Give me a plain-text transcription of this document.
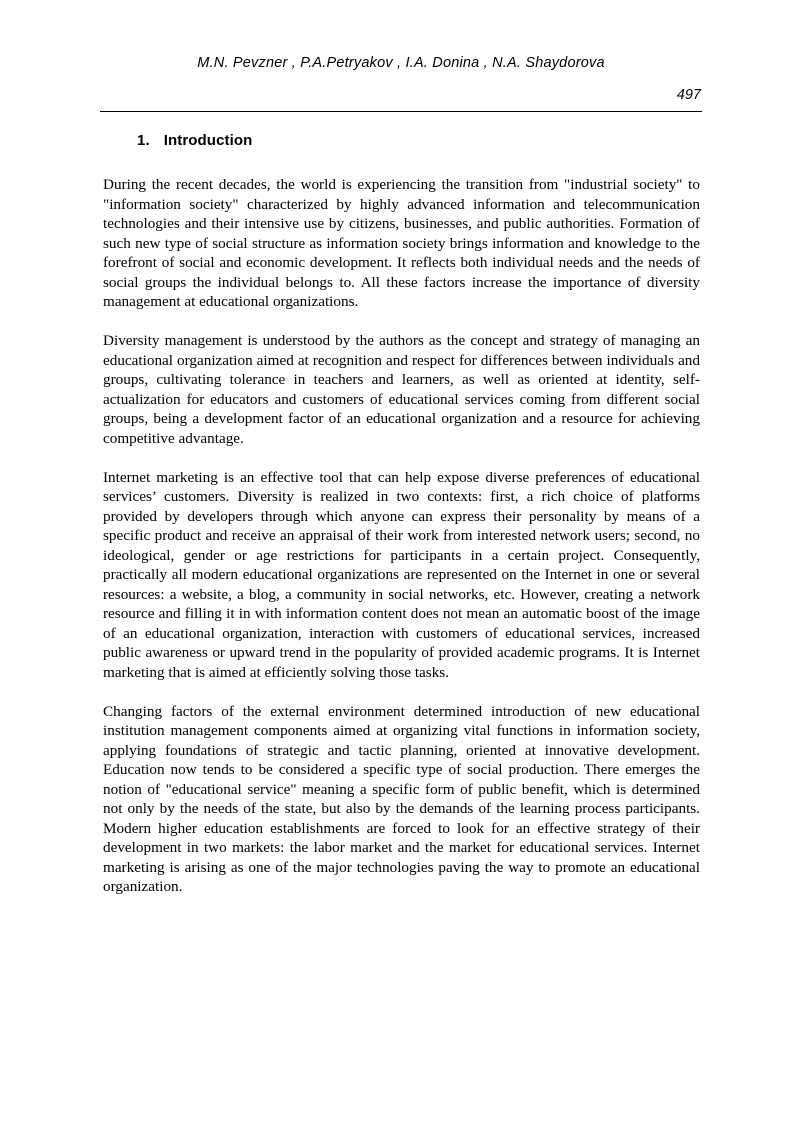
M.N. Pevzner , P.A.Petryakov , I.A. Donina , N.A. Shaydorova
497
1. Introduction

During the recent decades, the world is experiencing the transition from "industrial society" to "information society" characterized by highly advanced information and telecommunication technologies and their intensive use by citizens, businesses, and public authorities. Formation of such new type of social structure as information society brings information and knowledge to the forefront of social and economic development. It reflects both individual needs and the needs of social groups the individual belongs to. All these factors increase the importance of diversity management at educational organizations.

Diversity management is understood by the authors as the concept and strategy of managing an educational organization aimed at recognition and respect for differences between individuals and groups, cultivating tolerance in teachers and learners, as well as oriented at identity, self-actualization for educators and customers of educational services coming from different social groups, being a development factor of an educational organization and a resource for achieving competitive advantage.

Internet marketing is an effective tool that can help expose diverse preferences of educational services’ customers. Diversity is realized in two contexts: first, a rich choice of platforms provided by developers through which anyone can express their personality by means of a specific product and receive an appraisal of their work from interested network users; second, no ideological, gender or age restrictions for participants in a certain project. Consequently, practically all modern educational organizations are represented on the Internet in one or several resources: a website, a blog, a community in social networks, etc. However, creating a network resource and filling it in with information content does not mean an automatic boost of the image of an educational organization, interaction with customers of educational services, increased public awareness or upward trend in the popularity of provided academic programs. It is Internet marketing that is aimed at efficiently solving those tasks.

Changing factors of the external environment determined introduction of new educational institution management components aimed at organizing vital functions in information society, applying foundations of strategic and tactic planning, oriented at innovative development. Education now tends to be considered a specific type of social production. There emerges the notion of "educational service" meaning a specific form of public benefit, which is determined not only by the needs of the state, but also by the demands of the learning process participants. Modern higher education establishments are forced to look for an effective strategy of their development in two markets: the labor market and the market for educational services. Internet marketing is arising as one of the major technologies paving the way to promote an educational organization.
